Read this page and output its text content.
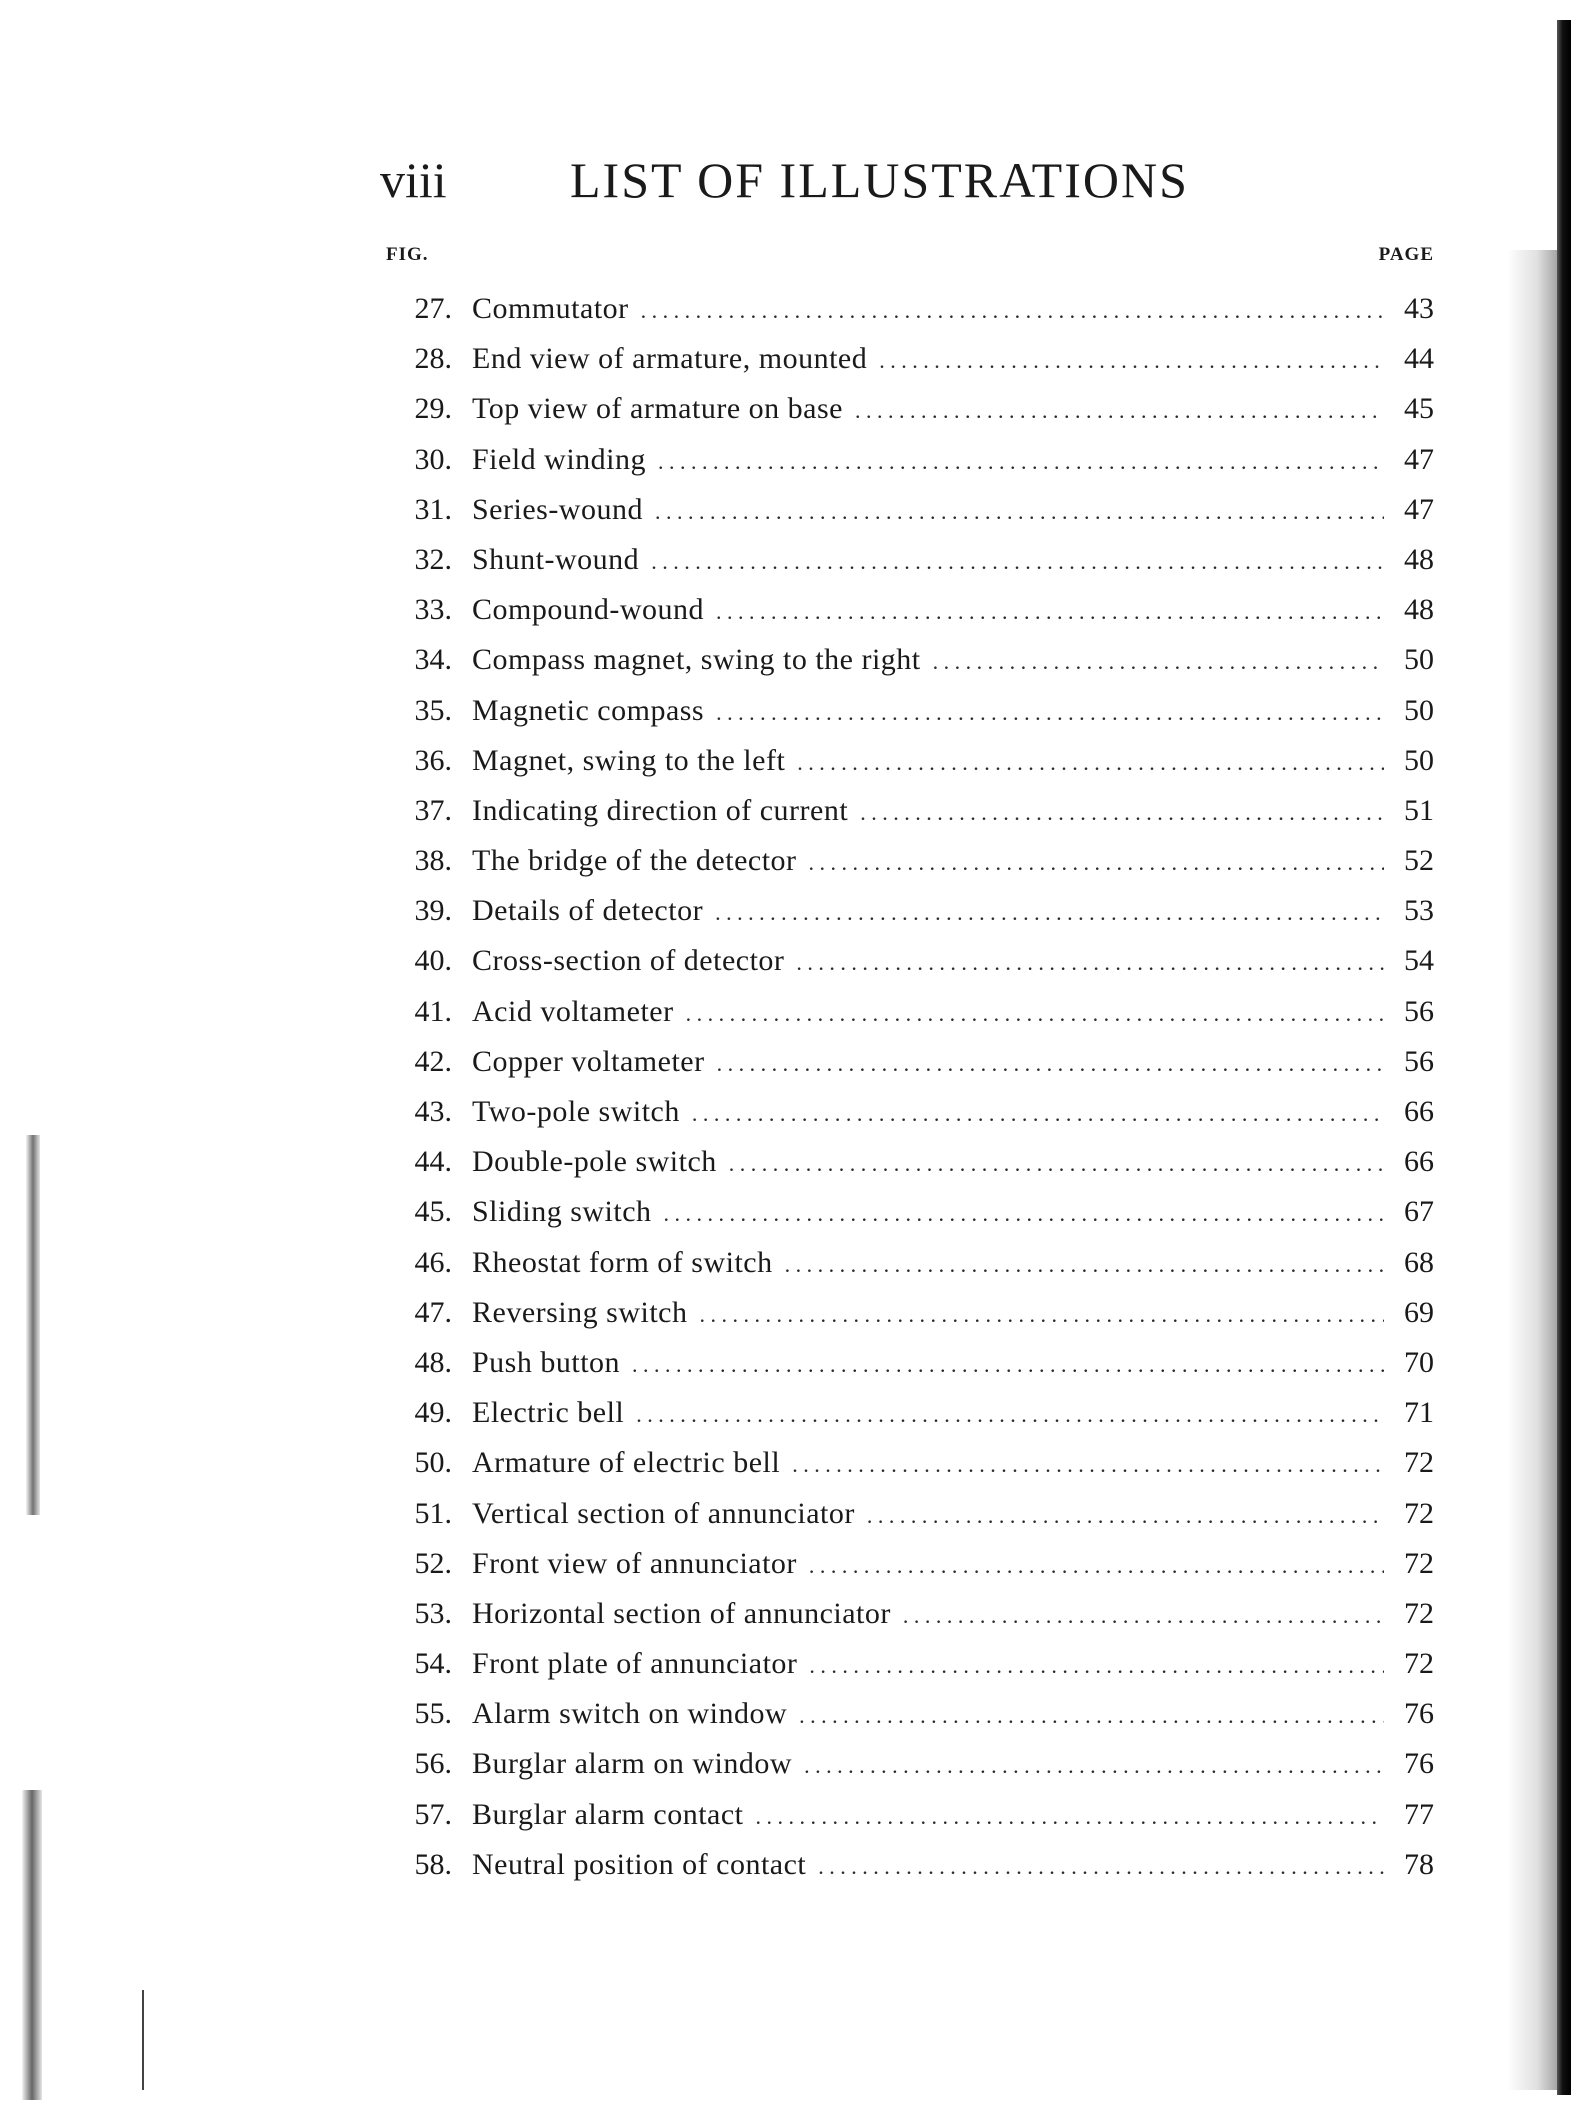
viii LIST OF ILLUSTRATIONS
FIG.	PAGE
27. Commutator . . .	43
28. End view of armature, mounted . . .	44
29. Top view of armature on base . . .	45
30. Field winding . . .	47
31. Series-wound . . .	47
32. Shunt-wound . . .	48
33. Compound-wound . . .	48
34. Compass magnet, swing to the right . . .	50
35. Magnetic compass . . .	50
36. Magnet, swing to the left . . .	50
37. Indicating direction of current . . .	51
38. The bridge of the detector . . .	52
39. Details of detector . . .	53
40. Cross-section of detector . . .	54
41. Acid voltameter . . .	56
42. Copper voltameter . . .	56
43. Two-pole switch . . .	66
44. Double-pole switch . . .	66
45. Sliding switch . . .	67
46. Rheostat form of switch . . .	68
47. Reversing switch . . .	69
48. Push button . . .	70
49. Electric bell . . .	71
50. Armature of electric bell . . .	72
51. Vertical section of annunciator . . .	72
52. Front view of annunciator . . .	72
53. Horizontal section of annunciator . . .	72
54. Front plate of annunciator . . .	72
55. Alarm switch on window . . .	76
56. Burglar alarm on window . . .	76
57. Burglar alarm contact . . .	77
58. Neutral position of contact . . .	78
